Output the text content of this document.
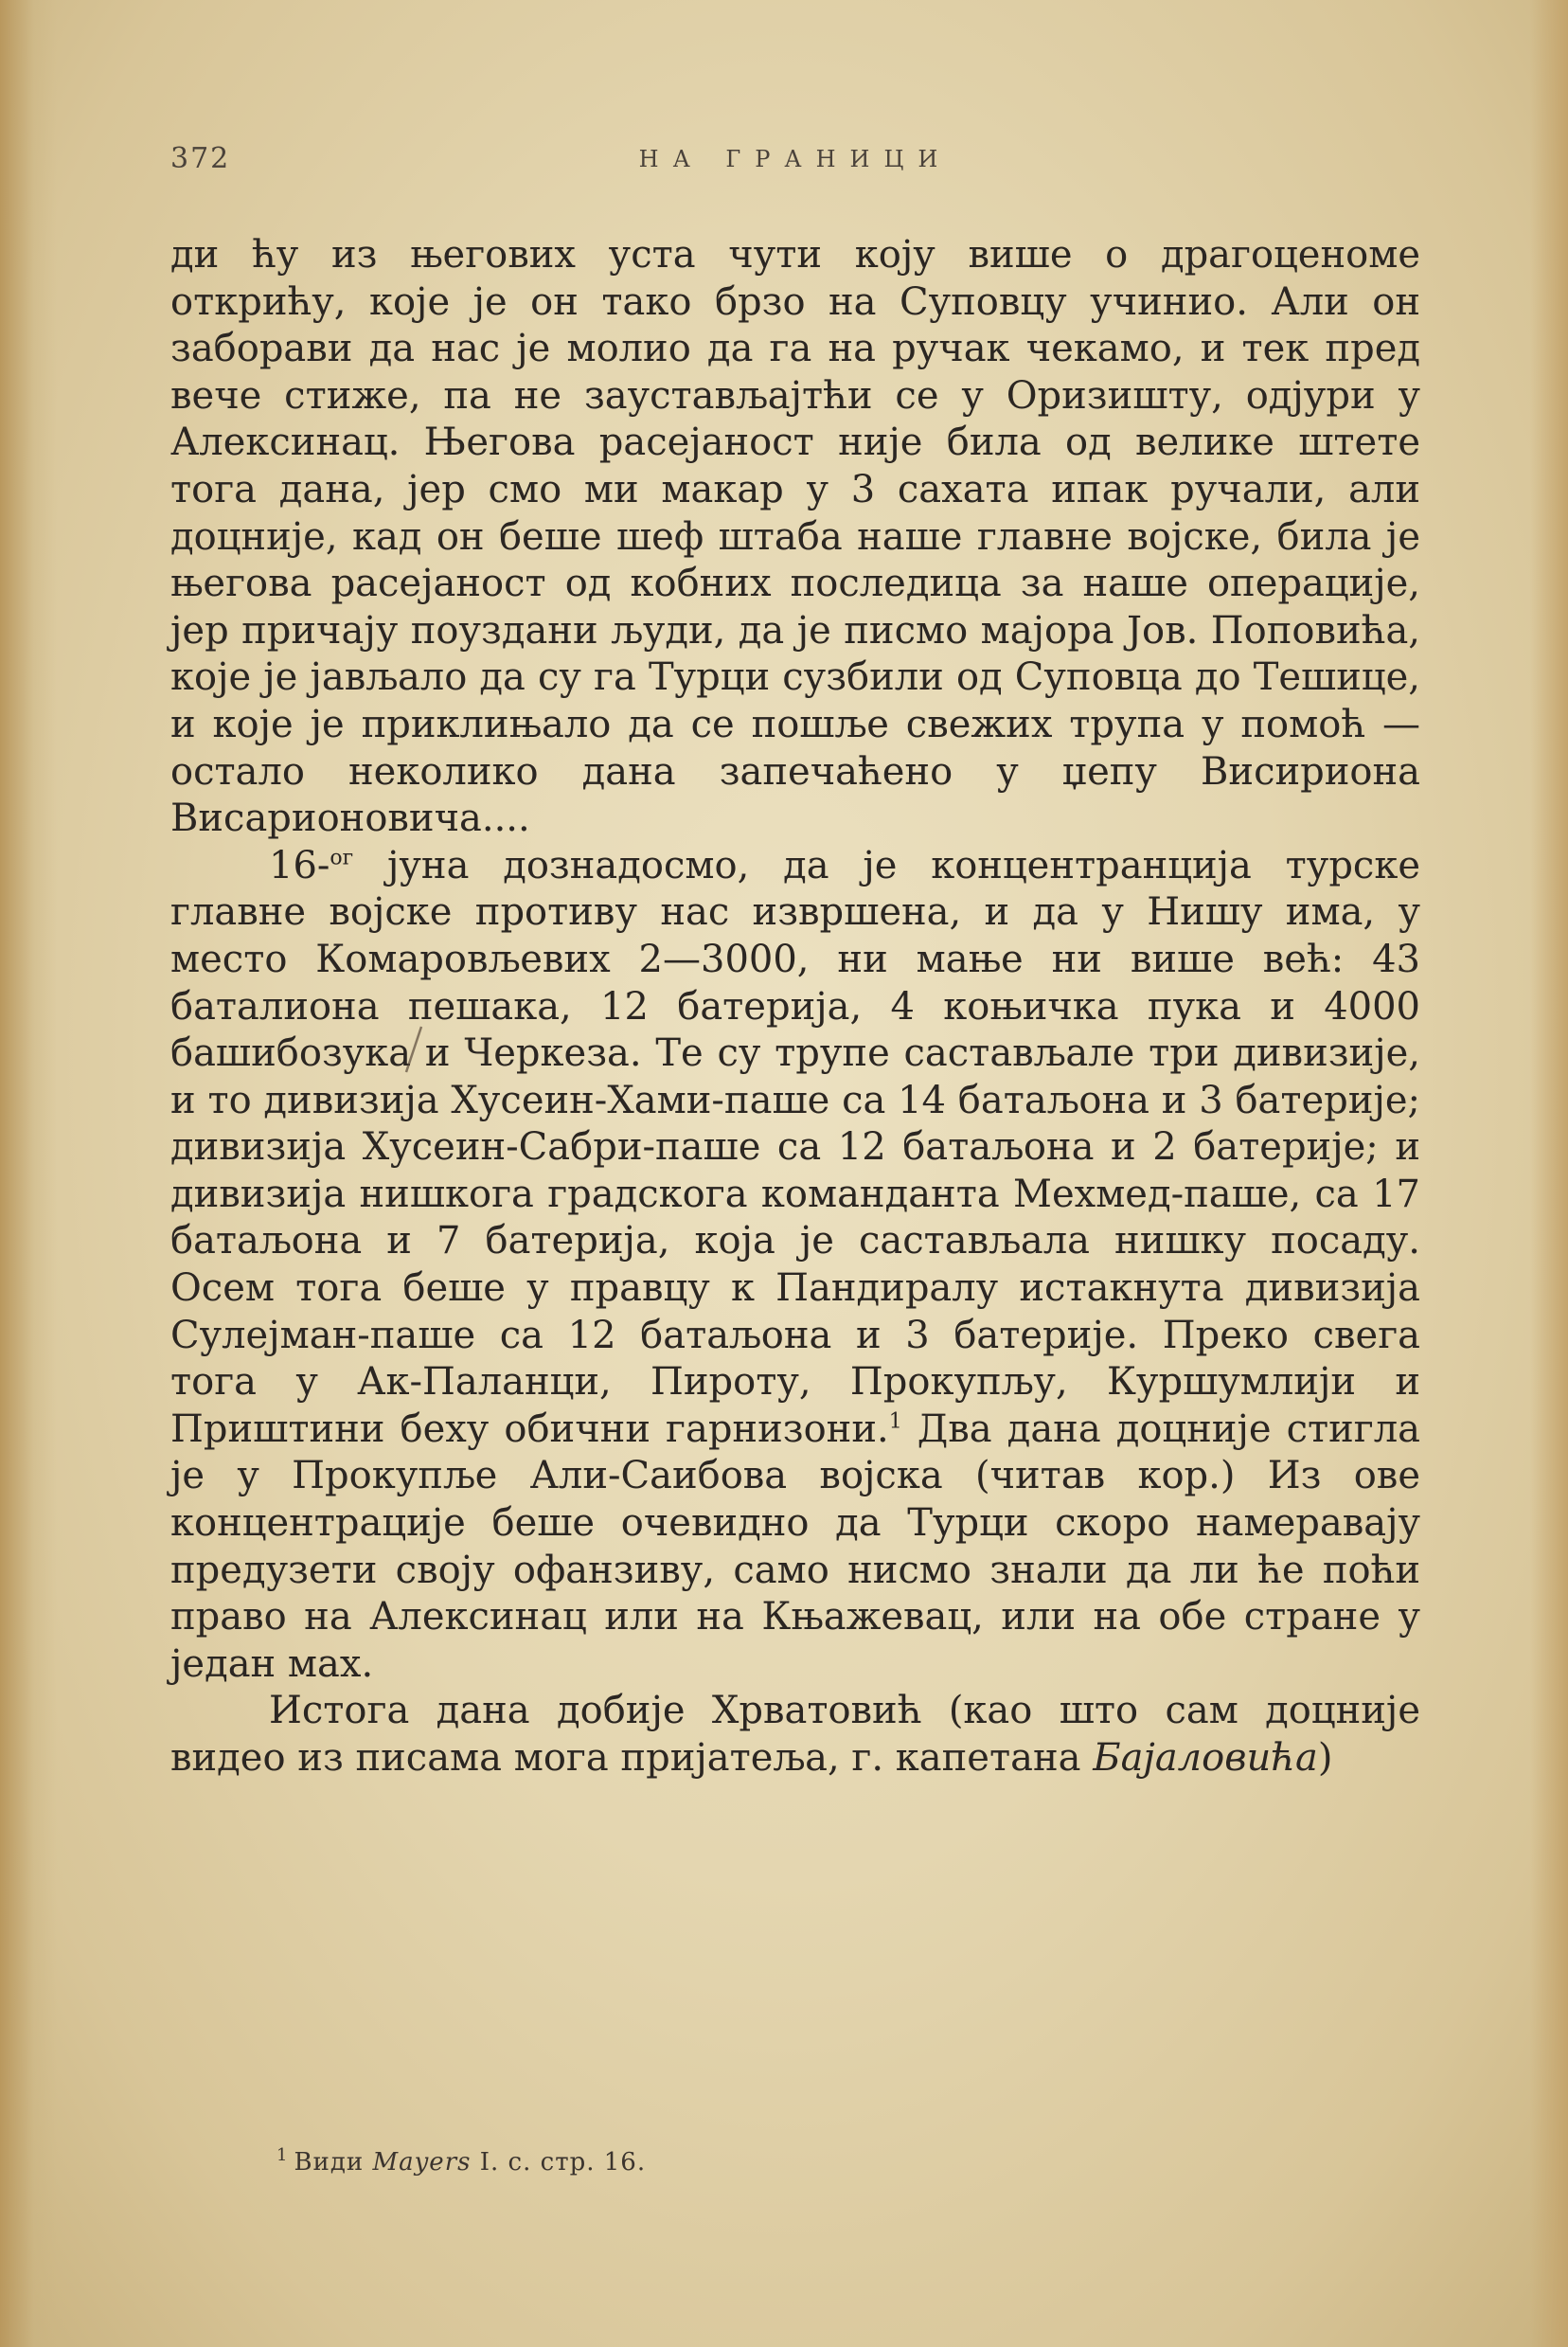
372	НА ГРАНИЦИ

ди ћу из његових уста чути коју више о драгоценоме открићу, које је он тако брзо на Суповцу учинио. Али он заборави да нас је молио да га на ручак чекамо, и тек пред вече стиже, па не заустављајтћи се у Оризишту, одјури у Алексинац. Његова расејаност није била од велике штете тога дана, јер смо ми макар у 3 сахата ипак ручали, али доцније, кад он беше шеф штаба наше главне војске, била је његова расејаност од кобних последица за наше операције, јер причају поуздани људи, да је писмо мајора Јов. Поповића, које је јављало да су га Турци сузбили од Суповца до Тешице, и које је приклињало да се пошље свежих трупа у помоћ — остало неколико дана запечаћено у џепу Висириона Висарионовича....

16-$^{ог}$ јуна дознадосмо, да је концентранција турске главне војске противу нас извршена, и да у Нишу има, у место Комаровљевих 2—3000, ни мање ни више већ: 43 баталиона пешака, 12 батерија, 4 коњичка пука и 4000 башибозука и Черкеза. Те су трупе састављале три дивизије, и то дивизија Хусеин-Хами-паше са 14 батаљона и 3 батерије; дивизија Хусеин-Сабри-паше са 12 батаљона и 2 батерије; и дивизија нишкога градскога команданта Мехмед-паше, са 17 батаљона и 7 батерија, која је састављала нишку посаду. Осем тога беше у правцу к Пандиралу истакнута дивизија Сулејман-паше са 12 батаљона и 3 батерије. Преко свега тога у Ак-Паланци, Пироту, Прокупљу, Куршумлији и Приштини беху обични гарнизони.$^1$ Два дана доцније стигла је у Прокупље Али-Саибова војска (читав кор.) Из ове концентрације беше очевидно да Турци скоро намеравају предузети своју офанзиву, само нисмо знали да ли ће поћи право на Алексинац или на Књажевац, или на обе стране у један мах.

Истога дана добије Хрватовић (као што сам доцније видео из писама мога пријатеља, г. капетана Бајаловића)

$^1$ Види Mayers I. с. стр. 16.
